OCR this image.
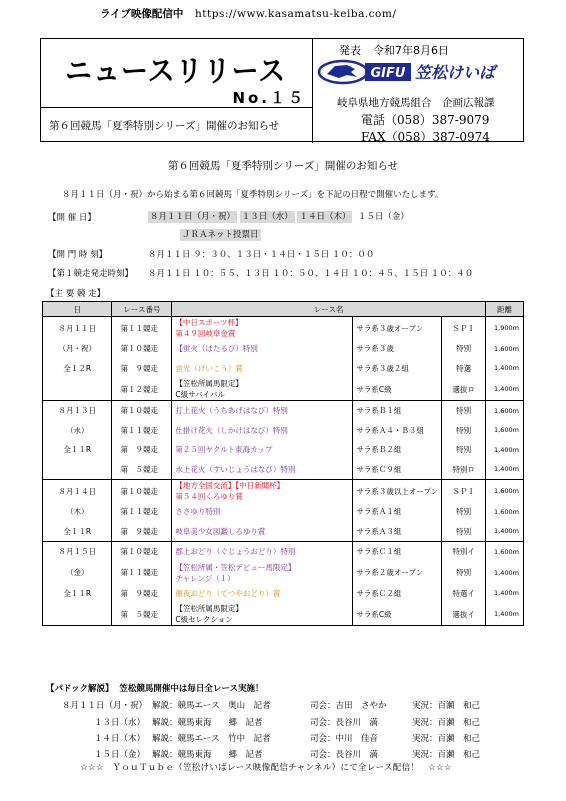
ライブ映像配信中 https://www.kasamatsu-keiba.com/
ニュースリリース
No.１５
第６回競馬「夏季特別シリーズ」開催のお知らせ
発表 令和7年8月6日
GIFU 笠松けいば
岐阜県地方競馬組合　企画広報課
電話（058）387-9079
FAX（058）387-0974
第６回競馬「夏季特別シリーズ」開催のお知らせ
８月１１日（月・祝）から始まる第６回競馬「夏季特別シリーズ」を下記の日程で開催いたします。
【開 催 日】	８月１１日（月・祝） １３日（水） １４日（木） １５日（金）
ＪＲＡネット投票日
【開 門 時 刻】	８月１１日 ９：３０、１３日・１４日・１５日 １０：００
【第１競走発走時刻】 ８月１１日 １０：５５、１３日 １０：５０、１４日 １０：４５、１５日 １０：４０
【主 要 競 走】
日	レース番号	レース名			距離
８月１１日	第１１競走	【中日スポーツ杯】
第４９回岐阜金賞	サラ系３歳オープン	ＳＰＩ	1,900m
（月・祝）	第１０競走	【蛍火（ほたるび）特別	サラ系３歳	特別	1,600m
全１２R	第　９競走	蛍光（けいこう）賞	サラ系３歳２組	特選	1,400m
	第１２競走	【笠松所属馬限定】
C級サバイバル	サラ系C級	選抜ロ	1,400m
８月１３日	第１０競走	打上花火（うちあげはなび）特別	サラ系Ｂ１組	特別	1,600m
（水）	第１１競走	仕掛け花火（しかけはなび）特別	サラ系Ａ４・Ｂ３組	特別	1,600m
全１１R	第　９競走	第２５回ヤクルト東海カップ	サラ系Ｂ２組	特別	1,400m
	第　５競走	水上花火（すいじょうはなび）特別	サラ系Ｃ９組	特別ロ	1,400m
８月１４日	第１０競走	【地方全国交流】【中日新聞杯】
第５４回くろゆり賞	サラ系３歳以上オープン	ＳＰＩ	1,600m
（木）	第１１競走	ささゆり特別	サラ系Ａ１組	特別	1,600m
全１１R	第　９競走	岐阜美少女図鑑しろゆり賞	サラ系Ａ３組	特別	1,400m
８月１５日	第１０競走	郡上おどり（ぐじょうおどり）特別	サラ系Ｃ１組	特別イ	1,600m
（金）	第１１競走	【笠松所属・笠松デビュー馬限定】
チャレンジ（１）	サラ系２歳オープン	特別	1,400m
全１１R	第　９競走	徹夜おどり（てつやおどり）賞	サラ系Ｃ２組	特選イ	1,400m
	第　５競走	【笠松所属馬限定】
C級セレクション	サラ系C級	選抜イ	1,400m
【パドック解説】 笠松競馬開催中は毎日全レース実施！
８月１１日（月・祝） 解説：競馬エース　奥山　記者	司会：吉田　さやか	実況：百瀬　和己
１３日（水） 解説：競馬東海　　郷　記者	司会：長谷川　満	実況：百瀬　和己
１４日（木） 解説：競馬エース　竹中　記者	司会：中川　佳音	実況：百瀬　和己
１５日（金） 解説：競馬東海　　郷　記者	司会：長谷川　満	実況：百瀬　和己
☆☆☆　ＹｏｕＴｕｂｅ（笠松けいばレース映像配信チャンネル）にて全レース配信！　☆☆☆
